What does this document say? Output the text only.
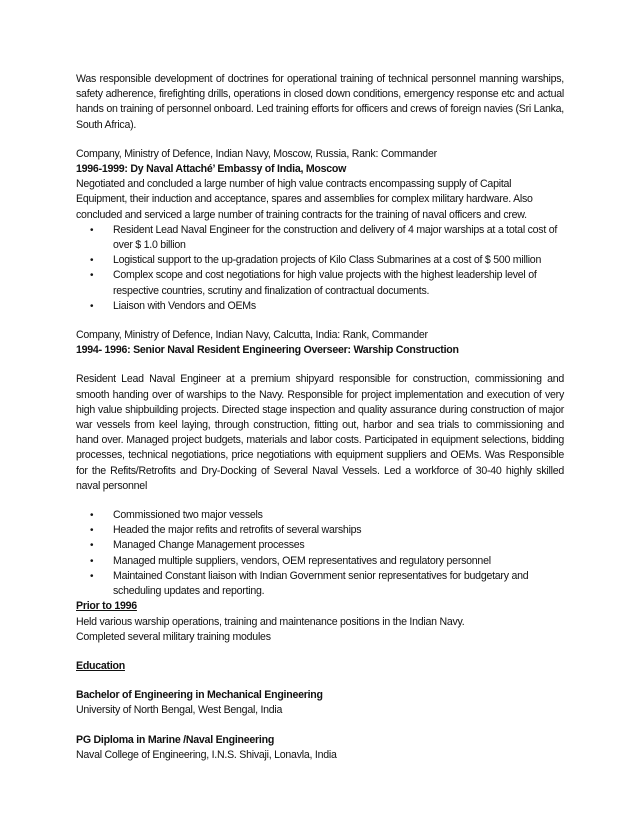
Was responsible development of doctrines for operational training of technical personnel manning warships, safety adherence, firefighting drills, operations in closed down conditions, emergency response etc and actual hands on training of personnel onboard. Led training efforts for officers and crews of foreign navies (Sri Lanka, South Africa).

Company, Ministry of Defence, Indian Navy, Moscow, Russia, Rank: Commander

1996-1999: Dy Naval Attaché’ Embassy of India, Moscow

Negotiated and concluded a large number of high value contracts encompassing supply of Capital Equipment, their induction and acceptance, spares and assemblies for complex military hardware. Also concluded and serviced a large number of training contracts for the training of naval officers and crew.

• Resident Lead Naval Engineer for the construction and delivery of 4 major warships at a total cost of over $ 1.0 billion
• Logistical support to the up-gradation projects of Kilo Class Submarines at a cost of $ 500 million
• Complex scope and cost negotiations for high value projects with the highest leadership level of respective countries, scrutiny and finalization of contractual documents.
• Liaison with Vendors and OEMs

Company, Ministry of Defence, Indian Navy, Calcutta, India: Rank, Commander

1994- 1996: Senior Naval Resident Engineering Overseer: Warship Construction

Resident Lead Naval Engineer at a premium shipyard responsible for construction, commissioning and smooth handing over of warships to the Navy. Responsible for project implementation and execution of very high value shipbuilding projects. Directed stage inspection and quality assurance during construction of major war vessels from keel laying, through construction, fitting out, harbor and sea trials to commissioning and hand over. Managed project budgets, materials and labor costs. Participated in equipment selections, bidding processes, technical negotiations, price negotiations with equipment suppliers and OEMs. Was Responsible for the Refits/Retrofits and Dry-Docking of Several Naval Vessels. Led a workforce of 30-40 highly skilled naval personnel

• Commissioned two major vessels
• Headed the major refits and retrofits of several warships
• Managed Change Management processes
• Managed multiple suppliers, vendors, OEM representatives and regulatory personnel
• Maintained Constant liaison with Indian Government senior representatives for budgetary and scheduling updates and reporting.

Prior to 1996

Held various warship operations, training and maintenance positions in the Indian Navy.

Completed several military training modules

Education

Bachelor of Engineering in Mechanical Engineering

University of North Bengal, West Bengal, India

PG Diploma in Marine /Naval Engineering

Naval College of Engineering, I.N.S. Shivaji, Lonavla, India
